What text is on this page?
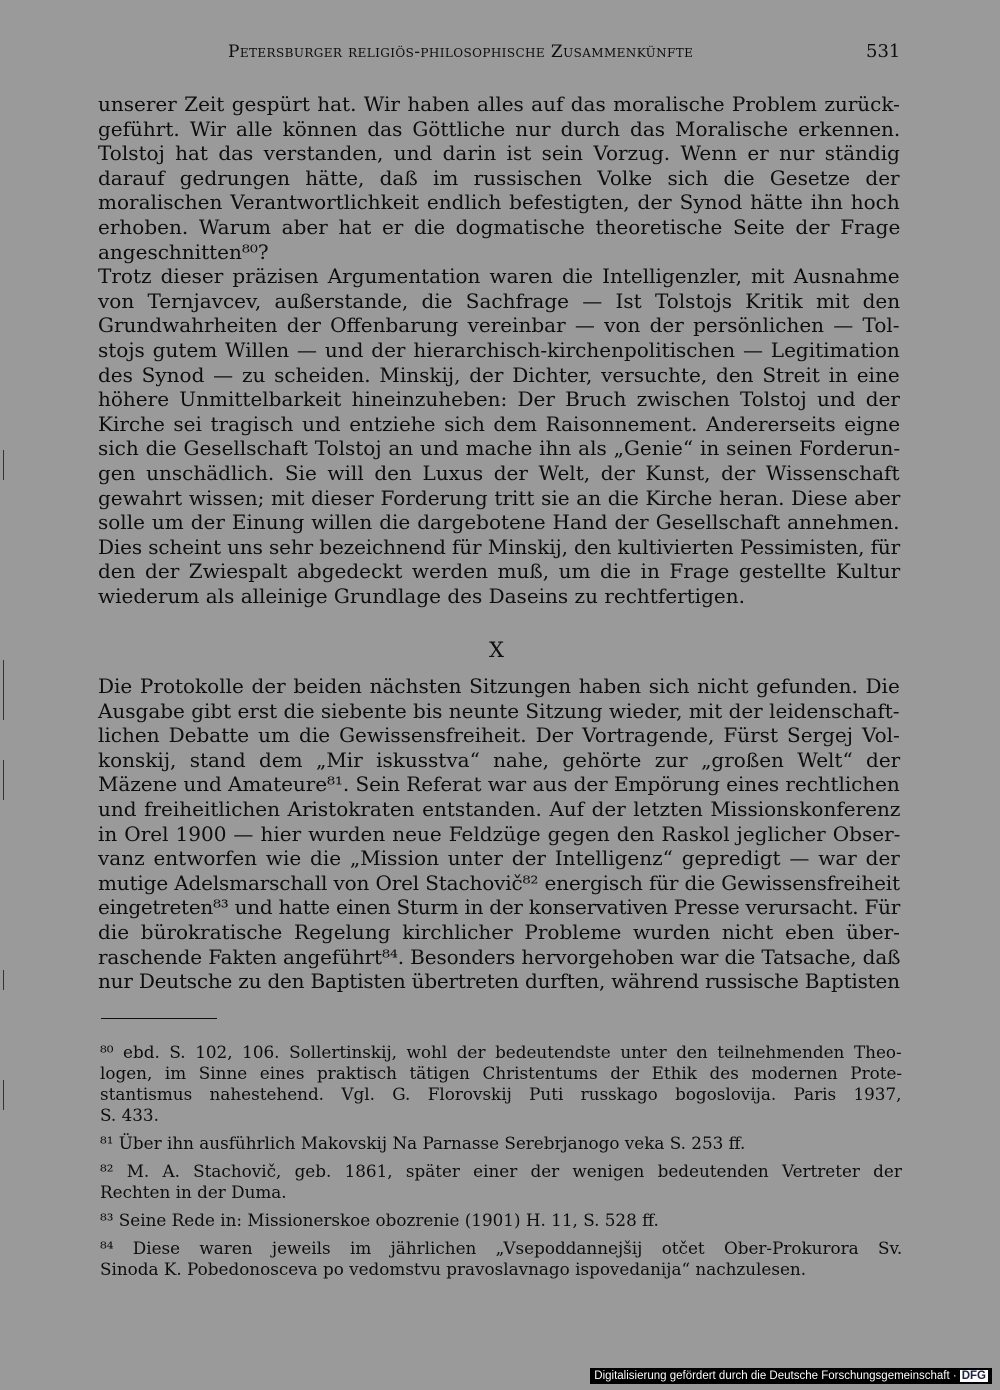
Petersburger religiös-philosophische Zusammenkünfte	531
unserer Zeit gespürt hat. Wir haben alles auf das moralische Problem zurück-
geführt. Wir alle können das Göttliche nur durch das Moralische erkennen.
Tolstoj hat das verstanden, und darin ist sein Vorzug. Wenn er nur ständig
darauf gedrungen hätte, daß im russischen Volke sich die Gesetze der
moralischen Verantwortlichkeit endlich befestigten, der Synod hätte ihn hoch
erhoben. Warum aber hat er die dogmatische theoretische Seite der Frage
angeschnitten⁸⁰?
Trotz dieser präzisen Argumentation waren die Intelligenzler, mit Ausnahme
von Ternjavcev, außerstande, die Sachfrage — Ist Tolstojs Kritik mit den
Grundwahrheiten der Offenbarung vereinbar — von der persönlichen — Tol-
stojs gutem Willen — und der hierarchisch-kirchenpolitischen — Legitimation
des Synod — zu scheiden. Minskij, der Dichter, versuchte, den Streit in eine
höhere Unmittelbarkeit hineinzuheben: Der Bruch zwischen Tolstoj und der
Kirche sei tragisch und entziehe sich dem Raisonnement. Andererseits eigne
sich die Gesellschaft Tolstoj an und mache ihn als „Genie“ in seinen Forderun-
gen unschädlich. Sie will den Luxus der Welt, der Kunst, der Wissenschaft
gewahrt wissen; mit dieser Forderung tritt sie an die Kirche heran. Diese aber
solle um der Einung willen die dargebotene Hand der Gesellschaft annehmen.
Dies scheint uns sehr bezeichnend für Minskij, den kultivierten Pessimisten, für
den der Zwiespalt abgedeckt werden muß, um die in Frage gestellte Kultur
wiederum als alleinige Grundlage des Daseins zu rechtfertigen.
X
Die Protokolle der beiden nächsten Sitzungen haben sich nicht gefunden. Die
Ausgabe gibt erst die siebente bis neunte Sitzung wieder, mit der leidenschaft-
lichen Debatte um die Gewissensfreiheit. Der Vortragende, Fürst Sergej Vol-
konskij, stand dem „Mir iskusstva“ nahe, gehörte zur „großen Welt“ der
Mäzene und Amateure⁸¹. Sein Referat war aus der Empörung eines rechtlichen
und freiheitlichen Aristokraten entstanden. Auf der letzten Missionskonferenz
in Orel 1900 — hier wurden neue Feldzüge gegen den Raskol jeglicher Obser-
vanz entworfen wie die „Mission unter der Intelligenz“ gepredigt — war der
mutige Adelsmarschall von Orel Stachovič⁸² energisch für die Gewissensfreiheit
eingetreten⁸³ und hatte einen Sturm in der konservativen Presse verursacht. Für
die bürokratische Regelung kirchlicher Probleme wurden nicht eben über-
raschende Fakten angeführt⁸⁴. Besonders hervorgehoben war die Tatsache, daß
nur Deutsche zu den Baptisten übertreten durften, während russische Baptisten
⁸⁰ ebd. S. 102, 106. Sollertinskij, wohl der bedeutendste unter den teilnehmenden Theo-
logen, im Sinne eines praktisch tätigen Christentums der Ethik des modernen Prote-
stantismus nahestehend. Vgl. G. Florovskij Puti russkago bogoslovija. Paris 1937,
S. 433.
⁸¹ Über ihn ausführlich Makovskij Na Parnasse Serebrjanogo veka S. 253 ff.
⁸² M. A. Stachovič, geb. 1861, später einer der wenigen bedeutenden Vertreter der
Rechten in der Duma.
⁸³ Seine Rede in: Missionerskoe obozrenie (1901) H. 11, S. 528 ff.
⁸⁴ Diese waren jeweils im jährlichen „Vsepoddannejšij otčet Ober-Prokurora Sv.
Sinoda K. Pobedonosceva po vedomstvu pravoslavnago ispovedanija“ nachzulesen.
Digitalisierung gefördert durch die Deutsche Forschungsgemeinschaft · DFG
